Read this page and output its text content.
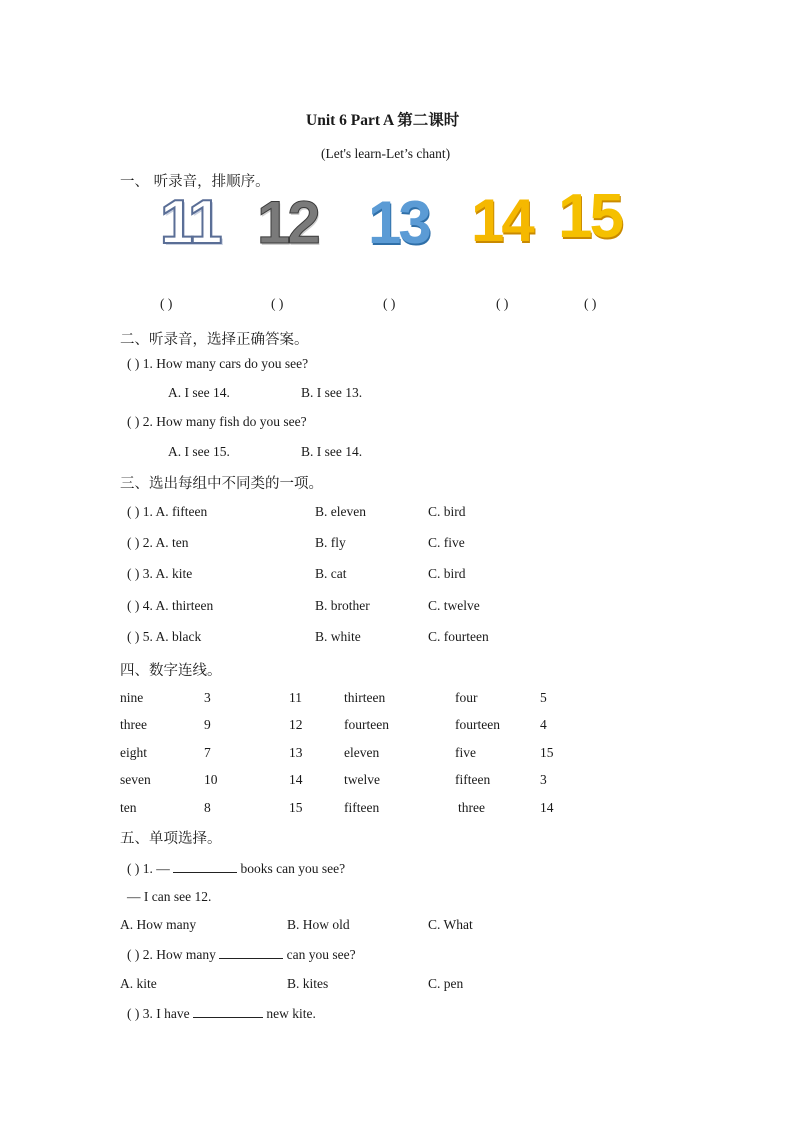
Unit 6 Part A 第二课时
(Let's learn-Let’s chant)
一、 听录音，排顺序。
11 12 13 14 15
( )	( )	( )	( )	( )
二、听录音，选择正确答案。
( ) 1. How many cars do you see?
A. I see 14.	B. I see 13.
( ) 2. How many fish do you see?
A. I see 15.	B. I see 14.
三、选出每组中不同类的一项。
( ) 1. A. fifteen	B. eleven	C. bird
( ) 2. A. ten	B. fly	C. five
( ) 3. A. kite	B. cat	C. bird
( ) 4. A. thirteen	B. brother	C. twelve
( ) 5. A. black	B. white	C. fourteen
四、数字连线。
nine	3	11	thirteen	four	5
three	9	12	fourteen	fourteen	4
eight	7	13	eleven	five	15
seven	10	14	twelve	fifteen	3
ten	8	15	fifteen	three	14
五、单项选择。
( ) 1. —	books can you see?
— I can see 12.
A. How many	B. How old	C. What
( ) 2. How many	can you see?
A. kite	B. kites	C. pen
( ) 3. I have	new kite.
